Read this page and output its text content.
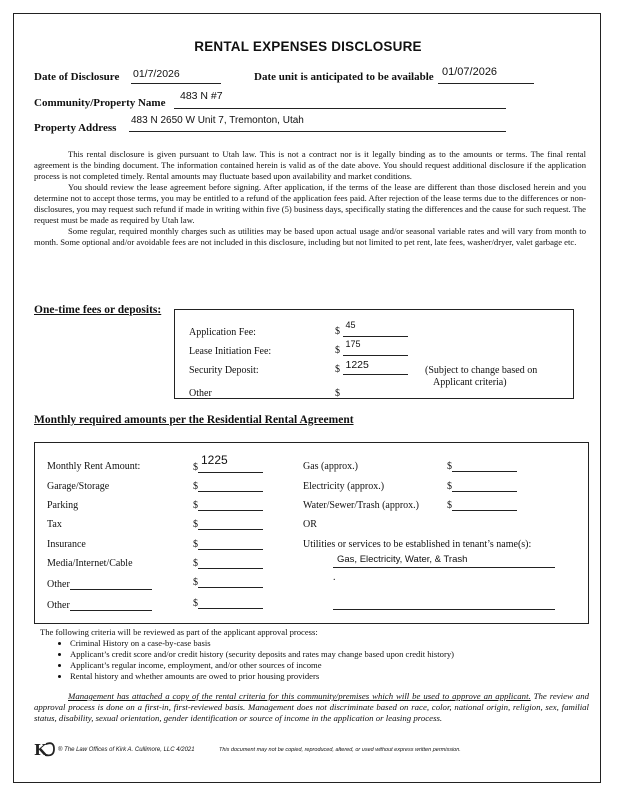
RENTAL EXPENSES DISCLOSURE
Date of Disclosure 01/7/2026	Date unit is anticipated to be available 01/07/2026
Community/Property Name
483 N #7
Property Address
483 N 2650 W Unit 7, Tremonton, Utah

This rental disclosure is given pursuant to Utah law. This is not a contract nor is it legally binding as to the amounts or terms. The final rental agreement is the binding document. The information contained herein is valid as of the date above. You should request additional disclosure if the application process is not completed timely. Rental amounts may fluctuate based upon availability and market conditions.

You should review the lease agreement before signing. After application, if the terms of the lease are different than those disclosed herein and you determine not to accept those terms, you may be entitled to a refund of the application fees paid. After rejection of the lease terms due to the differences or non-disclosures, you may request such refund if made in writing within five (5) business days, specifically stating the differences and the cause for such request. The request must be made as required by Utah law.

Some regular, required monthly charges such as utilities may be based upon actual usage and/or seasonal variable rates and will vary from month to month. Some optional and/or avoidable fees are not included in this disclosure, including but not limited to pet rent, late fees, washer/dryer, valet garbage etc.

One-time fees or deposits:
Application Fee:	$ 45
Lease Initiation Fee:	$ 175
Security Deposit:	$ 1225	(Subject to change based on
Applicant criteria)
Other	$
Monthly required amounts per the Residential Rental Agreement
Monthly Rent Amount:	$1225
Garage/Storage	$
Parking	$
Tax	$
Insurance	$
Media/Internet/Cable	$
Other	$
Other	$
Gas (approx.)	$
Electricity (approx.)	$
Water/Sewer/Trash (approx.)	$
OR
Utilities or services to be established in tenant’s name(s):
Gas, Electricity, Water, & Trash
.
The following criteria will be reviewed as part of the applicant approval process:
• Criminal History on a case-by-case basis
• Applicant’s credit score and/or credit history (security deposits and rates may change based upon credit history)
• Applicant’s regular income, employment, and/or other sources of income
• Rental history and whether amounts are owed to prior housing providers
Management has attached a copy of the rental criteria for this community/premises which will be used to approve an applicant. The review and approval process is done on a first-in, first-reviewed basis. Management does not discriminate based on race, color, national origin, religion, sex, familial status, disability, sexual orientation, gender identification or source of income in the application or leasing process.
K ® The Law Offices of Kirk A. Cullimore, LLC 4/2021	This document may not be copied, reproduced, altered, or used without express written permission.
